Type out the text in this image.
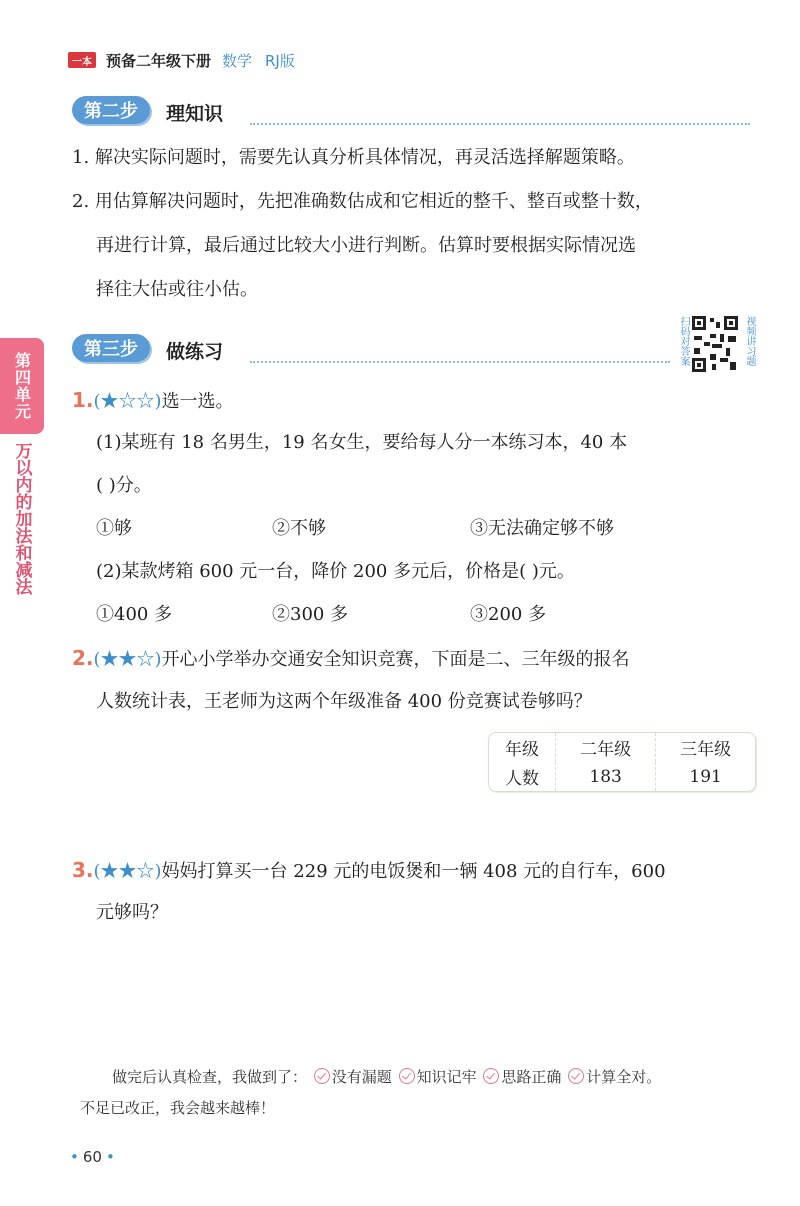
一本 预备二年级下册 数学 RJ版
第二步	理知识
1. 解决实际问题时，需要先认真分析具体情况，再灵活选择解题策略。
2. 用估算解决问题时，先把准确数估成和它相近的整千、整百或整十数，
再进行计算，最后通过比较大小进行判断。估算时要根据实际情况选
择往大估或往小估。
第三步	做练习	扫码对答案	视频讲习题
第四单元
万以内的加法和减法
1.(★☆☆)选一选。
(1)某班有 18 名男生，19 名女生，要给每人分一本练习本，40 本
( )分。
①够	②不够	③无法确定够不够
(2)某款烤箱 600 元一台，降价 200 多元后，价格是( )元。
①400 多	②300 多	③200 多
2.(★★☆)开心小学举办交通安全知识竞赛，下面是二、三年级的报名
人数统计表，王老师为这两个年级准备 400 份竞赛试卷够吗？
年级	二年级	三年级
人数	183	191
3.(★★☆)妈妈打算买一台 229 元的电饭煲和一辆 408 元的自行车，600
元够吗？
做完后认真检查，我做到了： 没有漏题 知识记牢 思路正确 计算全对。
不足已改正，我会越来越棒！
• 60 •
